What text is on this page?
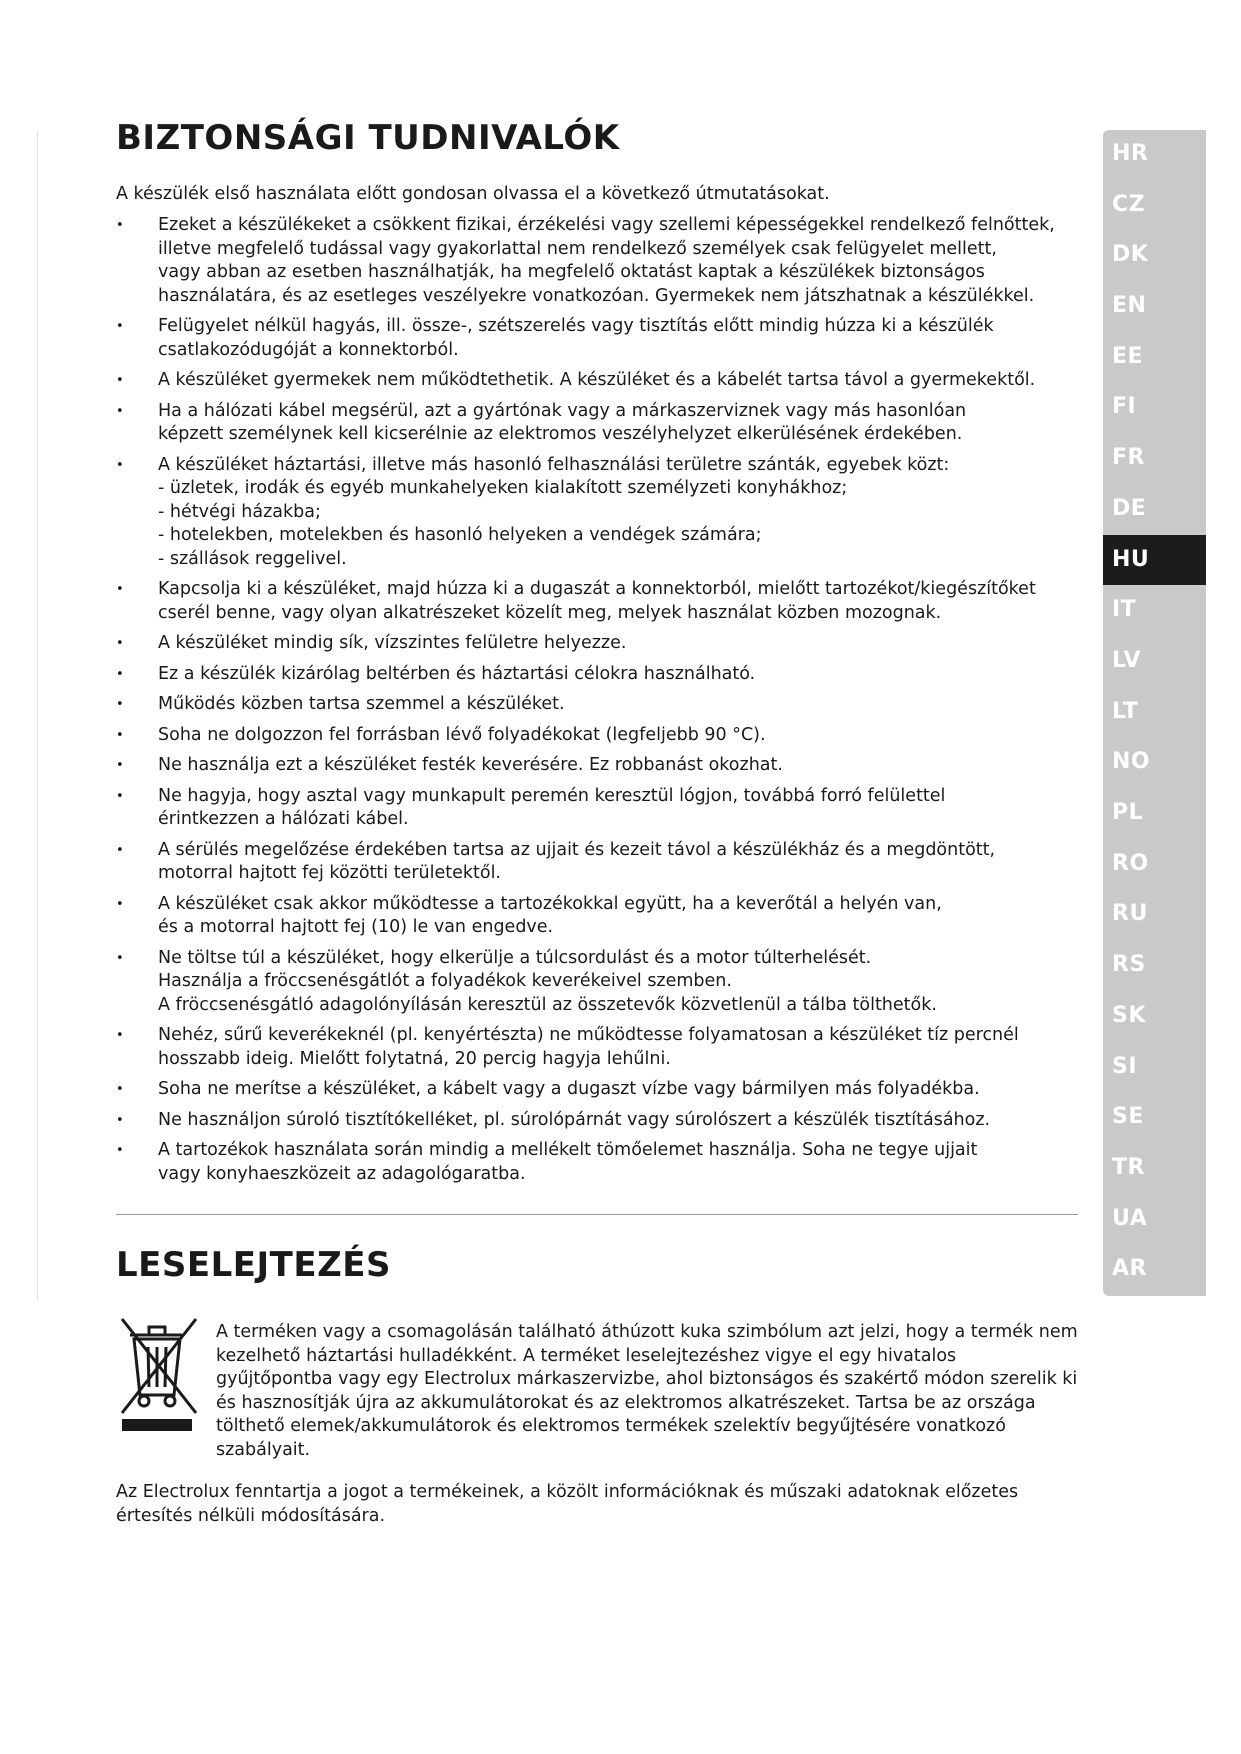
BIZTONSÁGI TUDNIVALÓK

A készülék első használata előtt gondosan olvassa el a következő útmutatásokat.

• Ezeket a készülékeket a csökkent fizikai, érzékelési vagy szellemi képességekkel rendelkező felnőttek,
illetve megfelelő tudással vagy gyakorlattal nem rendelkező személyek csak felügyelet mellett,
vagy abban az esetben használhatják, ha megfelelő oktatást kaptak a készülékek biztonságos
használatára, és az esetleges veszélyekre vonatkozóan. Gyermekek nem játszhatnak a készülékkel.
• Felügyelet nélkül hagyás, ill. össze-, szétszerelés vagy tisztítás előtt mindig húzza ki a készülék
csatlakozódugóját a konnektorból.
• A készüléket gyermekek nem működtethetik. A készüléket és a kábelét tartsa távol a gyermekektől.
• Ha a hálózati kábel megsérül, azt a gyártónak vagy a márkaszerviznek vagy más hasonlóan
képzett személynek kell kicserélnie az elektromos veszélyhelyzet elkerülésének érdekében.
• A készüléket háztartási, illetve más hasonló felhasználási területre szánták, egyebek közt:
- üzletek, irodák és egyéb munkahelyeken kialakított személyzeti konyhákhoz;
- hétvégi házakba;
- hotelekben, motelekben és hasonló helyeken a vendégek számára;
- szállások reggelivel.
• Kapcsolja ki a készüléket, majd húzza ki a dugaszát a konnektorból, mielőtt tartozékot/kiegészítőket
cserél benne, vagy olyan alkatrészeket közelít meg, melyek használat közben mozognak.
• A készüléket mindig sík, vízszintes felületre helyezze.
• Ez a készülék kizárólag beltérben és háztartási célokra használható.
• Működés közben tartsa szemmel a készüléket.
• Soha ne dolgozzon fel forrásban lévő folyadékokat (legfeljebb 90 °C).
• Ne használja ezt a készüléket festék keverésére. Ez robbanást okozhat.
• Ne hagyja, hogy asztal vagy munkapult peremén keresztül lógjon, továbbá forró felülettel
érintkezzen a hálózati kábel.
• A sérülés megelőzése érdekében tartsa az ujjait és kezeit távol a készülékház és a megdöntött,
motorral hajtott fej közötti területektől.
• A készüléket csak akkor működtesse a tartozékokkal együtt, ha a keverőtál a helyén van,
és a motorral hajtott fej (10) le van engedve.
• Ne töltse túl a készüléket, hogy elkerülje a túlcsordulást és a motor túlterhelését.
Használja a fröccsenésgátlót a folyadékok keverékeivel szemben.
A fröccsenésgátló adagolónyílásán keresztül az összetevők közvetlenül a tálba tölthetők.
• Nehéz, sűrű keverékeknél (pl. kenyértészta) ne működtesse folyamatosan a készüléket tíz percnél
hosszabb ideig. Mielőtt folytatná, 20 percig hagyja lehűlni.
• Soha ne merítse a készüléket, a kábelt vagy a dugaszt vízbe vagy bármilyen más folyadékba.
• Ne használjon súroló tisztítókelléket, pl. súrolópárnát vagy súrolószert a készülék tisztításához.
• A tartozékok használata során mindig a mellékelt tömőelemet használja. Soha ne tegye ujjait
vagy konyhaeszközeit az adagológaratba.
LESELEJTEZÉS
A terméken vagy a csomagolásán található áthúzott kuka szimbólum azt jelzi, hogy a termék nem kezelhető háztartási hulladékként. A terméket leselejtezéshez vigye el egy hivatalos gyűjtőpontba vagy egy Electrolux márkaszervizbe, ahol biztonságos és szakértő módon szerelik ki és hasznosítják újra az akkumulátorokat és az elektromos alkatrészeket. Tartsa be az országa tölthető elemek/akkumulátorok és elektromos termékek szelektív begyűjtésére vonatkozó szabályait.

Az Electrolux fenntartja a jogot a termékeinek, a közölt információknak és műszaki adatoknak előzetes értesítés nélküli módosítására.

HR
CZ
DK
EN
EE
FI
FR
DE
HU
IT
LV
LT
NO
PL
RO
RU
RS
SK
SI
SE
TR
UA
AR
